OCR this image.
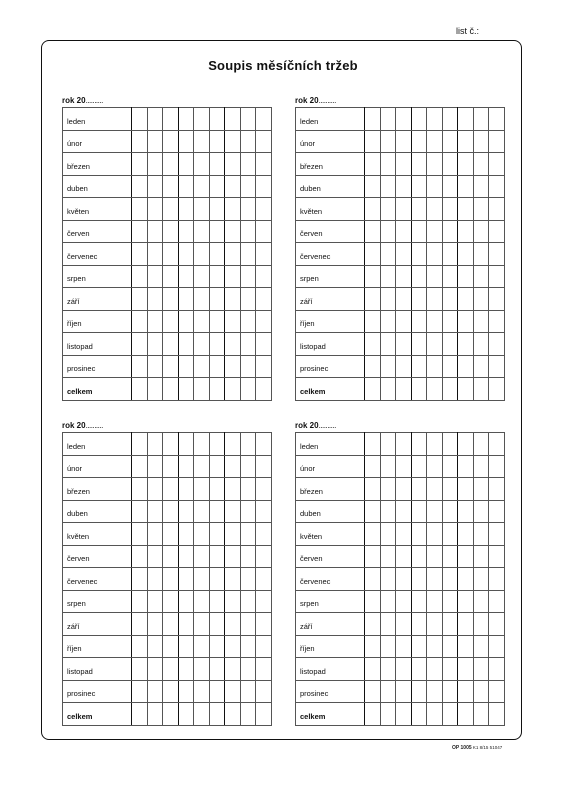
list č.:
Soupis měsíčních tržeb
rok 20..........
leden									
únor									
březen									
duben									
květen									
červen									
červenec									
srpen									
září									
říjen									
listopad									
prosinec									
celkem									
rok 20..........
leden									
únor									
březen									
duben									
květen									
červen									
červenec									
srpen									
září									
říjen									
listopad									
prosinec									
celkem									
rok 20..........
leden									
únor									
březen									
duben									
květen									
červen									
červenec									
srpen									
září									
říjen									
listopad									
prosinec									
celkem									
rok 20..........
leden									
únor									
březen									
duben									
květen									
červen									
červenec									
srpen									
září									
říjen									
listopad									
prosinec									
celkem									
OP 1005 K1 8/15 51047
